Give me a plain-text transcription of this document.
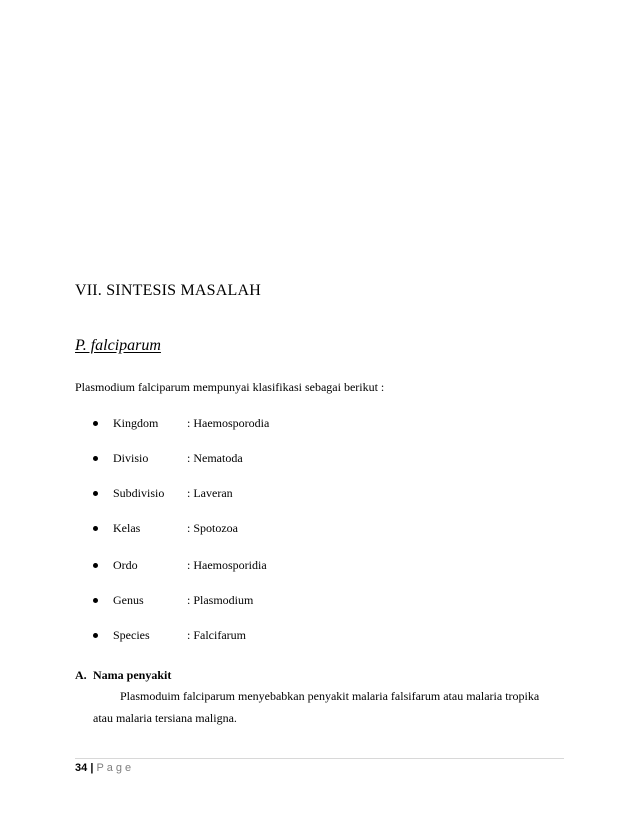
VII. SINTESIS MASALAH
P. falciparum
Plasmodium falciparum mempunyai klasifikasi sebagai berikut :
Kingdom : Haemosporodia
Divisio	: Nematoda
Subdivisio : Laveran
Kelas	: Spotozoa
Ordo	: Haemosporidia
Genus	: Plasmodium
Species	: Falcifarum
A. Nama penyakit
Plasmoduim falciparum menyebabkan penyakit malaria falsifarum atau malaria tropika
atau malaria tersiana maligna.
34 | Page
